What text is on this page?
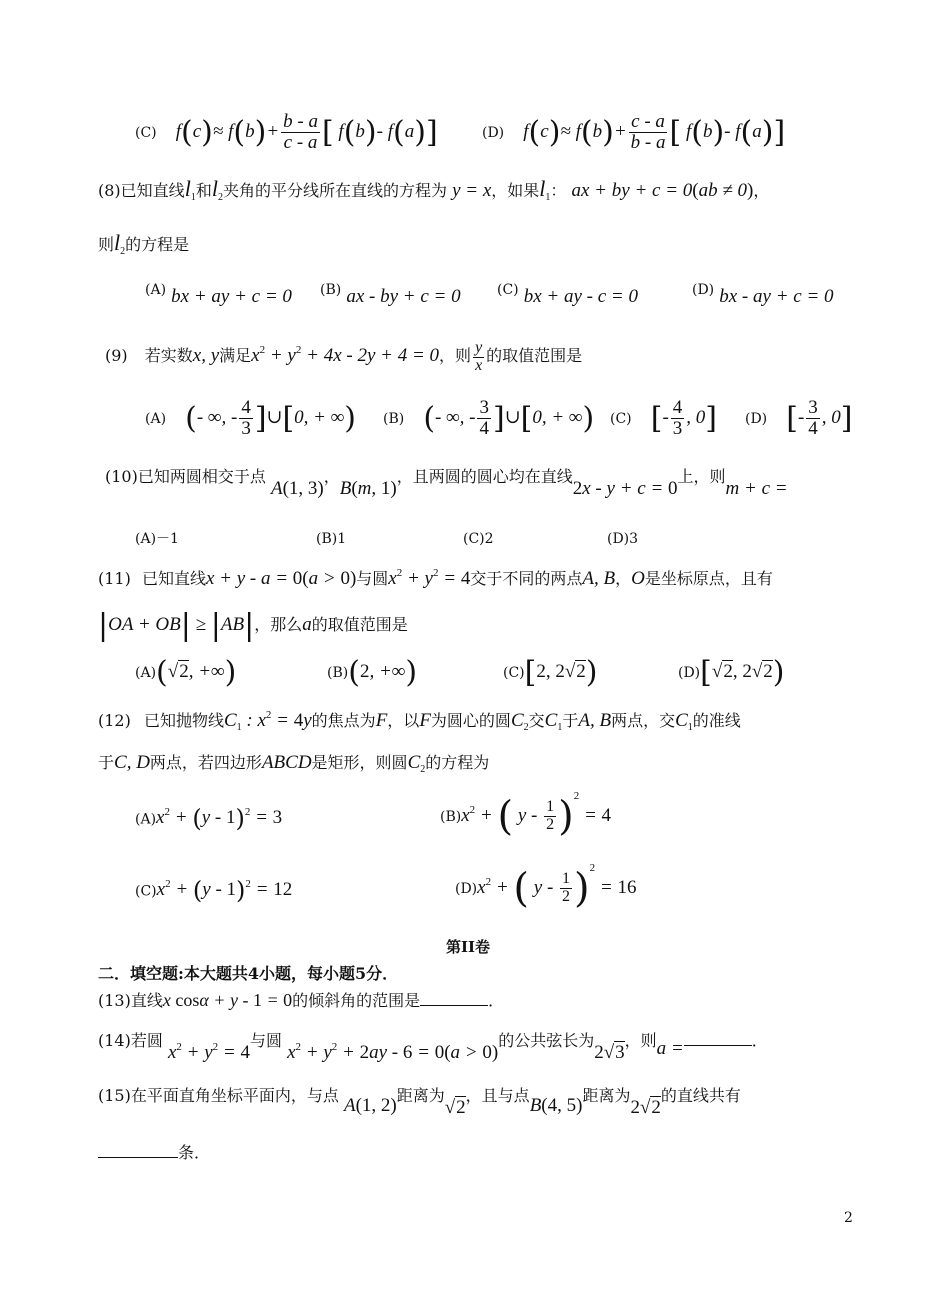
(C) $f(c)\approx f(b)+ \frac{b - a}{c - a}$ [ f(b)- f(a)]	(D) $f(c)\approx f(b)+ \frac{c - a}{b - a}$ [ f(b)- f(a)]
(8)已知直线$l_1$和$l_2$夹角的平分线所在直线的方程为 y = x，如果$l_1$： ax + by + c = 0(ab ≠ 0)，
则$l_2$的方程是
(A) bx + ay + c = 0 (B) ax - by + c = 0	(C) bx + ay - c = 0	(D) bx - ay + c = 0
(9) 若实数x, y满足$x^2 + y^2 + 4x - 2y + 4 = 0$，则 $\frac{y}{x}$ 的取值范围是
(A) (- ∞, - $\frac{4}{3}$ ]∪[0, + ∞) (B) (- ∞, - $\frac{3}{4}$ ]∪[0, + ∞) (C) [- $\frac{4}{3}$ , 0] (D) [- $\frac{3}{4}$ , 0]
(10)已知两圆相交于点 A(1, 3)，B(m, 1)，且两圆的圆心均在直线2x - y + c = 0上，则m + c =
(A)－1	(B)1	(C)2	(D)3
(11) 已知直线x + y - a = 0(a > 0)与圆$x^2 + y^2 = 4$交于不同的两点A, B，O是坐标原点，且有
|OA + OB| ≥ |AB|，那么a的取值范围是
(A)(√2, +∞)	(B)(2, +∞)	(C)[2, 2√2)	(D)[√2, 2√2)
(12) 已知抛物线$C_1$ : $x^2 = 4y$的焦点为F，以F为圆心的圆$C_2$交$C_1$于A, B两点，交$C_1$的准线
于C, D两点，若四边形ABCD是矩形，则圆$C_2$的方程为
$(A)x^2 + (y - 1)^2 = 3$	$(B)x^2$ + ( $y - \frac{1}{2} )^2 = 4$
$(C)x^2 + (y - 1)^2 = 12$	$(D)x^2$ + ( $y - \frac{1}{2} )^2 = 16$
第II卷
二．填空题:本大题共4小题，每小题5分．
(13)直线x cosα + y - 1 = 0的倾斜角的范围是	．
(14)若圆 $x^2 + y^2 = 4$与圆 $x^2 + y^2 + 2ay - 6 = 0(a > 0)$的公共弦长为2√3，则a =	．
(15)在平面直角坐标平面内，与点 A(1, 2)距离为√2，且与点B(4, 5)距离为2√2的直线共有
条．
2
